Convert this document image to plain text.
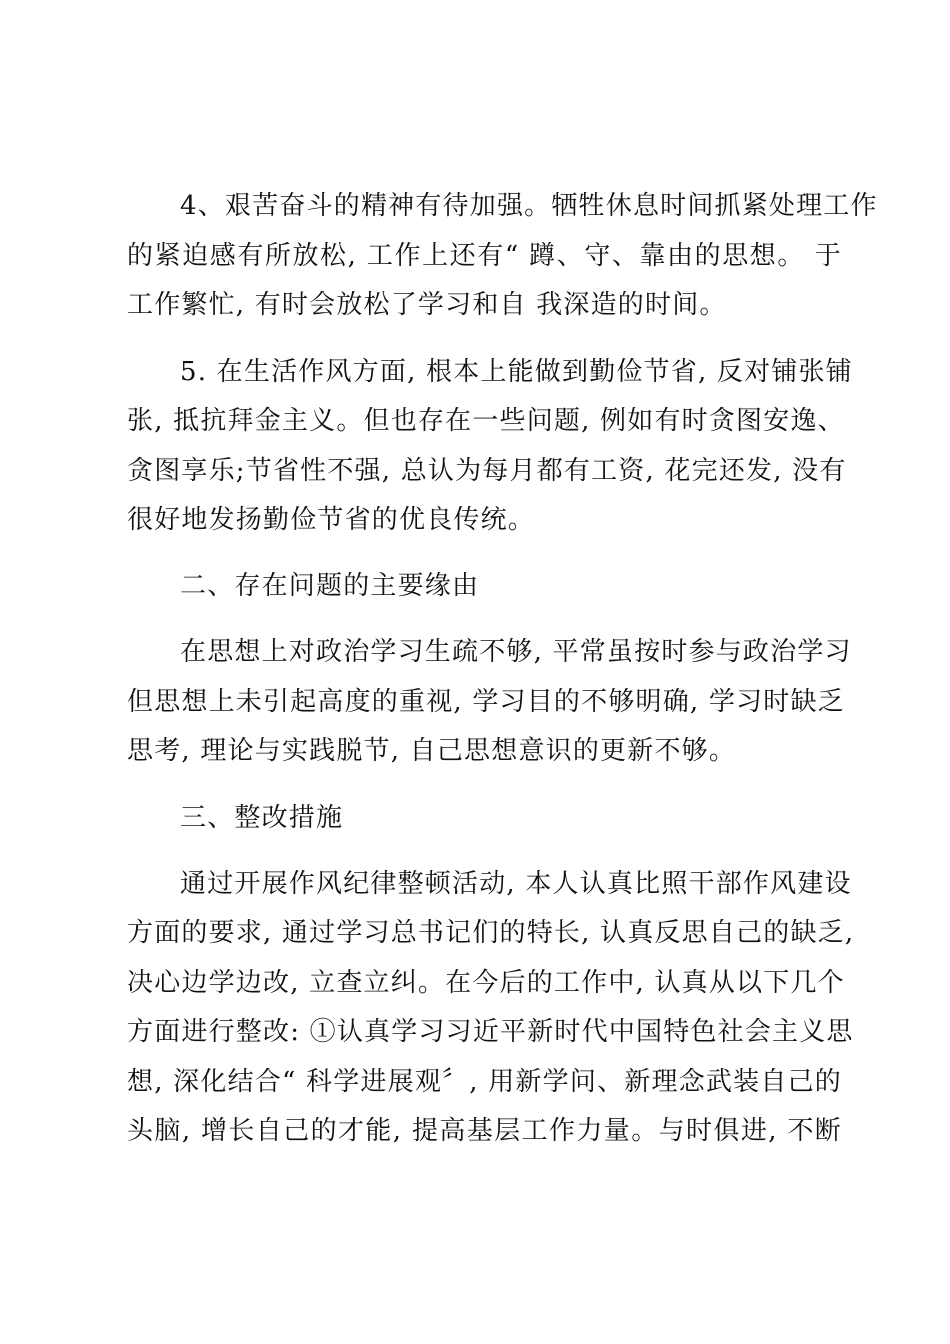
4、艰苦奋斗的精神有待加强。牺牲休息时间抓紧处理工作
的紧迫感有所放松, 工作上还有“ 蹲、守、靠由的思想。 于
工作繁忙, 有时会放松了学习和自 我深造的时间。
5. 在生活作风方面, 根本上能做到勤俭节省, 反对铺张铺
张, 抵抗拜金主义。但也存在一些问题, 例如有时贪图安逸、
贪图享乐;节省性不强, 总认为每月都有工资, 花完还发, 没有
很好地发扬勤俭节省的优良传统。
二、存在问题的主要缘由
在思想上对政治学习生疏不够, 平常虽按时参与政治学习
但思想上未引起高度的重视, 学习目的不够明确, 学习时缺乏
思考, 理论与实践脱节, 自己思想意识的更新不够。
三、整改措施
通过开展作风纪律整顿活动, 本人认真比照干部作风建设
方面的要求, 通过学习总书记们的特长, 认真反思自己的缺乏,
决心边学边改, 立查立纠。在今后的工作中, 认真从以下几个
方面进行整改: ①认真学习习近平新时代中国特色社会主义思
想, 深化结合“ 科学进展观〞, 用新学问、新理念武装自己的
头脑, 增长自己的才能, 提高基层工作力量。与时俱进, 不断
